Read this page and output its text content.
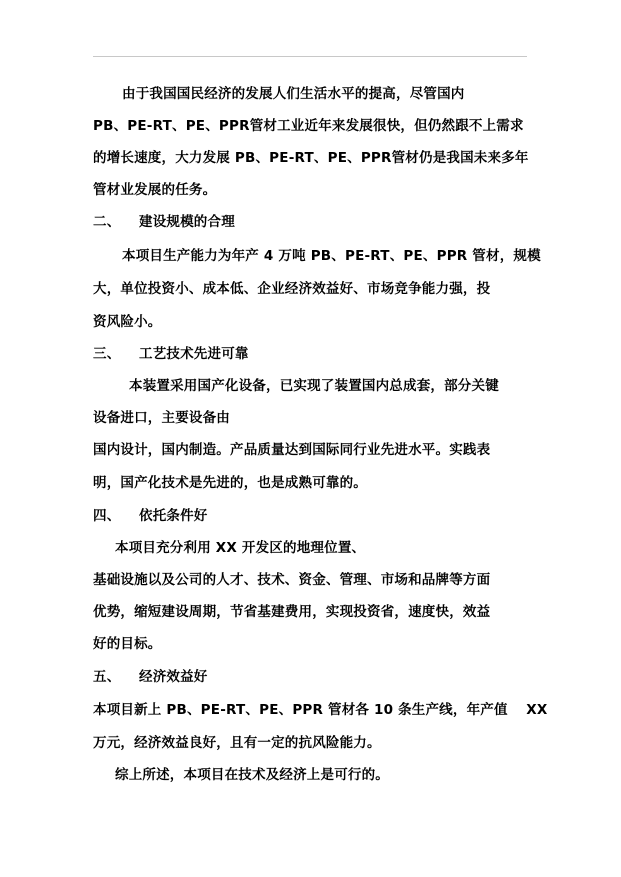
由于我国国民经济的发展人们生活水平的提高，尽管国内
PB、PE-RT、PE、PPR管材工业近年来发展很快，但仍然跟不上需求
的增长速度，大力发展 PB、PE-RT、PE、PPR管材仍是我国未来多年
管材业发展的任务。
二、 建设规模的合理
本项目生产能力为年产 4 万吨 PB、PE-RT、PE、PPR 管材，规模
大，单位投资小、成本低、企业经济效益好、市场竞争能力强，投
资风险小。
三、 工艺技术先进可靠
本装置采用国产化设备，已实现了装置国内总成套，部分关键
设备进口，主要设备由
国内设计，国内制造。产品质量达到国际同行业先进水平。实践表
明，国产化技术是先进的，也是成熟可靠的。
四、 依托条件好
本项目充分利用 XX 开发区的地理位置、
基础设施以及公司的人才、技术、资金、管理、市场和品牌等方面
优势，缩短建设周期，节省基建费用，实现投资省，速度快，效益
好的目标。
五、 经济效益好
本项目新上 PB、PE-RT、PE、PPR 管材各 10 条生产线，年产值　 XX
万元，经济效益良好，且有一定的抗风险能力。
综上所述，本项目在技术及经济上是可行的。
